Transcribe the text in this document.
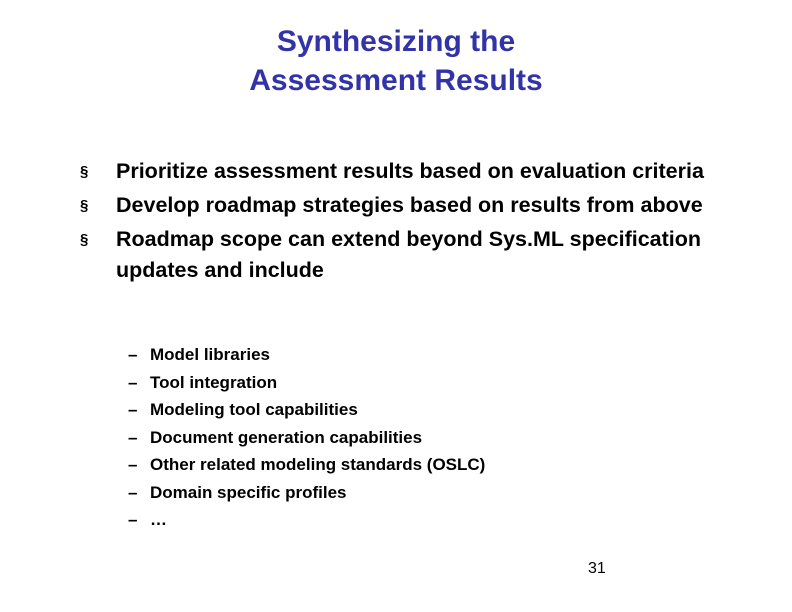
Synthesizing the
Assessment Results
§ Prioritize assessment results based on evaluation criteria
§ Develop roadmap strategies based on results from above
§ Roadmap scope can extend beyond Sys.ML specification updates and include
– Model libraries
– Tool integration
– Modeling tool capabilities
– Document generation capabilities
– Other related modeling standards (OSLC)
– Domain specific profiles
– …
31
